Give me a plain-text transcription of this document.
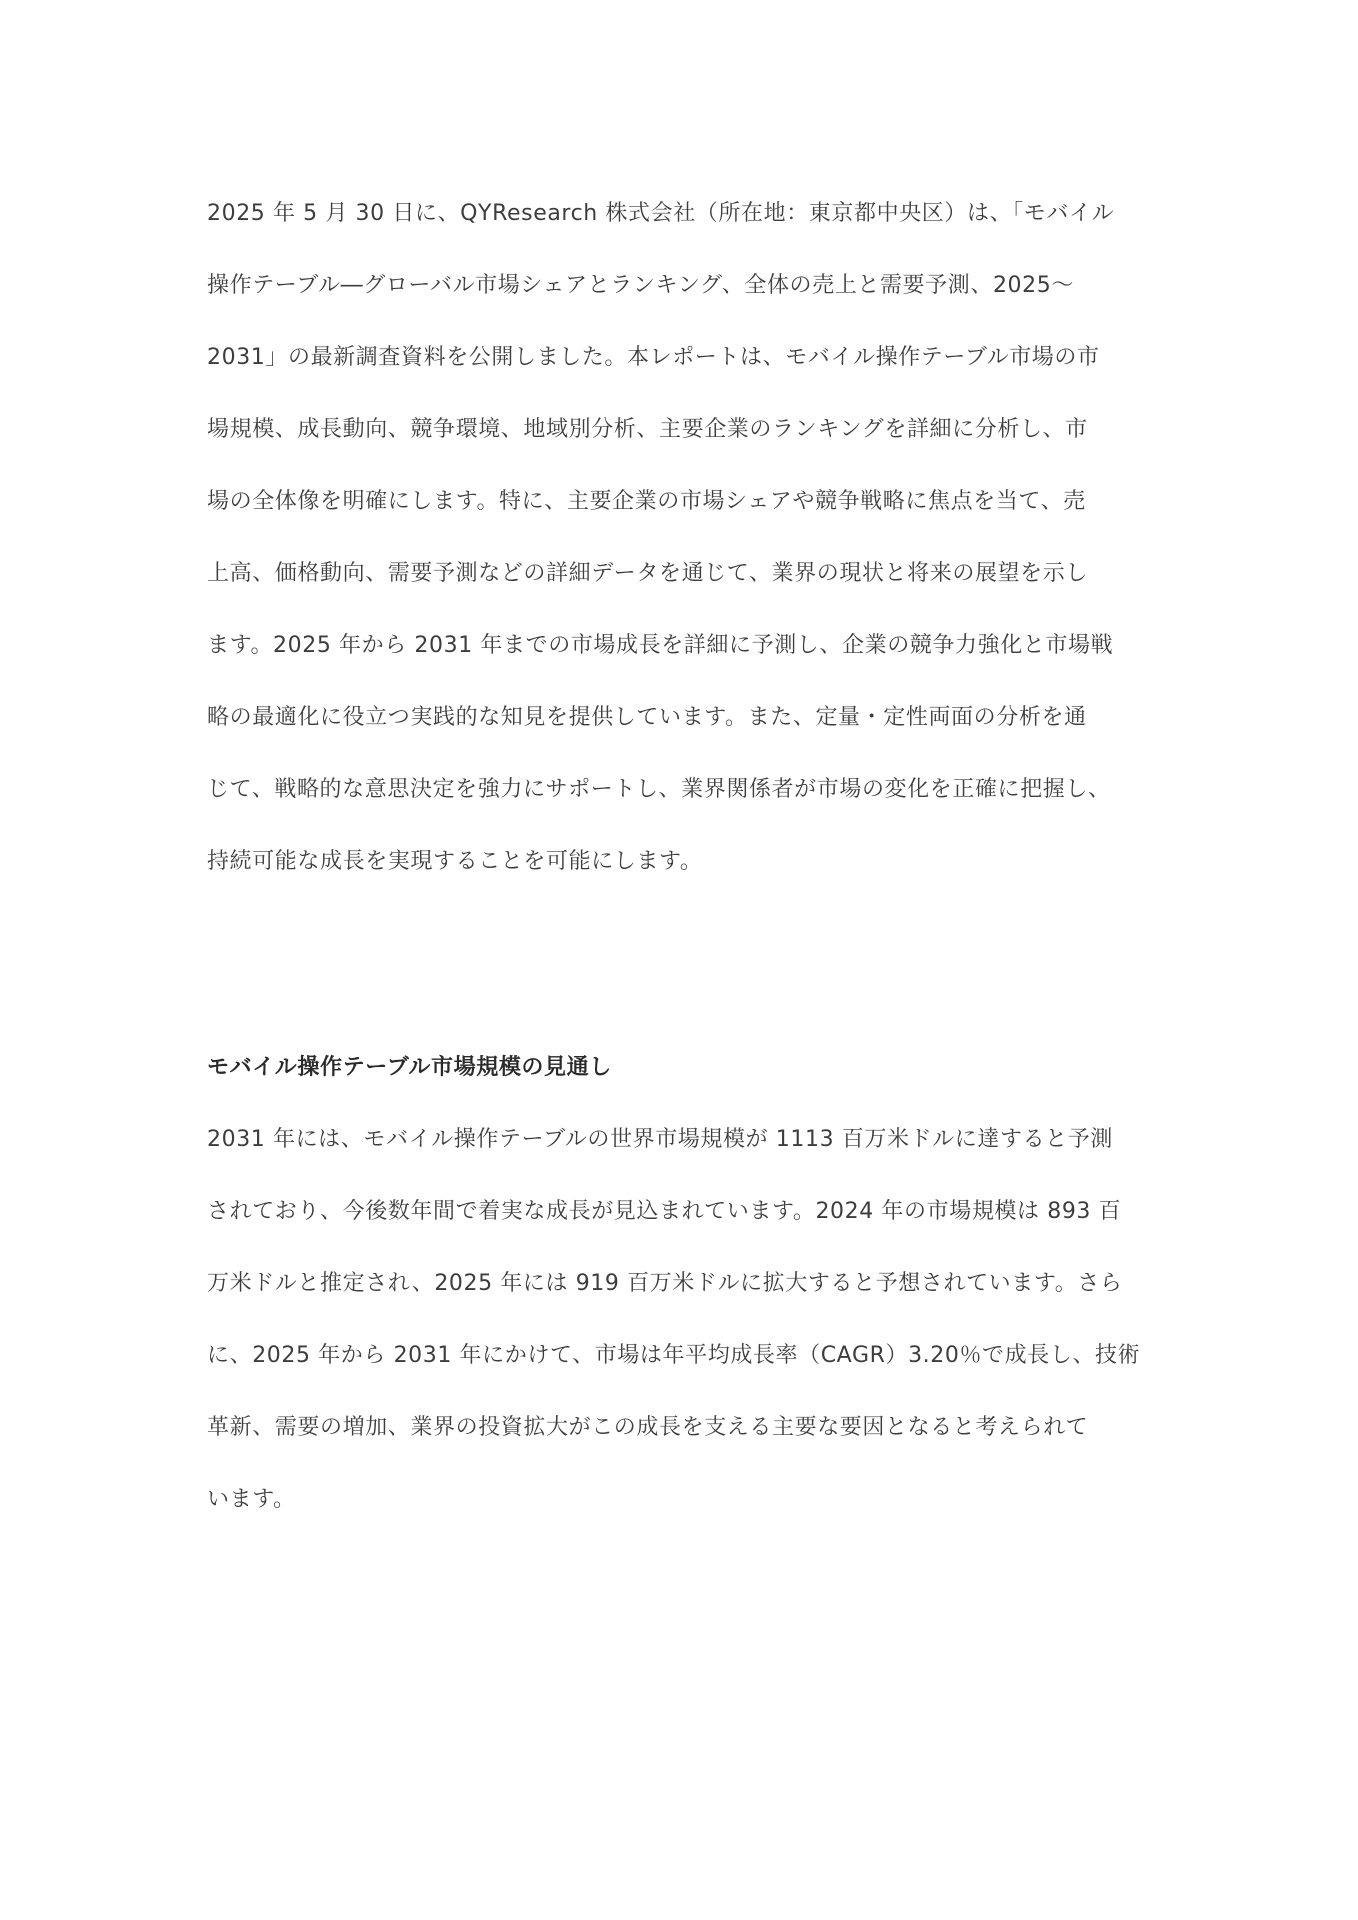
2025 年 5 月 30 日に、QYResearch 株式会社（所在地：東京都中央区）は、「モバイル
操作テーブル―グローバル市場シェアとランキング、全体の売上と需要予測、2025～
2031」の最新調査資料を公開しました。本レポートは、モバイル操作テーブル市場の市
場規模、成長動向、競争環境、地域別分析、主要企業のランキングを詳細に分析し、市
場の全体像を明確にします。特に、主要企業の市場シェアや競争戦略に焦点を当て、売
上高、価格動向、需要予測などの詳細データを通じて、業界の現状と将来の展望を示し
ます。2025 年から 2031 年までの市場成長を詳細に予測し、企業の競争力強化と市場戦
略の最適化に役立つ実践的な知見を提供しています。また、定量・定性両面の分析を通
じて、戦略的な意思決定を強力にサポートし、業界関係者が市場の変化を正確に把握し、
持続可能な成長を実現することを可能にします。
モバイル操作テーブル市場規模の見通し
2031 年には、モバイル操作テーブルの世界市場規模が 1113 百万米ドルに達すると予測
されており、今後数年間で着実な成長が見込まれています。2024 年の市場規模は 893 百
万米ドルと推定され、2025 年には 919 百万米ドルに拡大すると予想されています。さら
に、2025 年から 2031 年にかけて、市場は年平均成長率（CAGR）3.20％で成長し、技術
革新、需要の増加、業界の投資拡大がこの成長を支える主要な要因となると考えられて
います。
